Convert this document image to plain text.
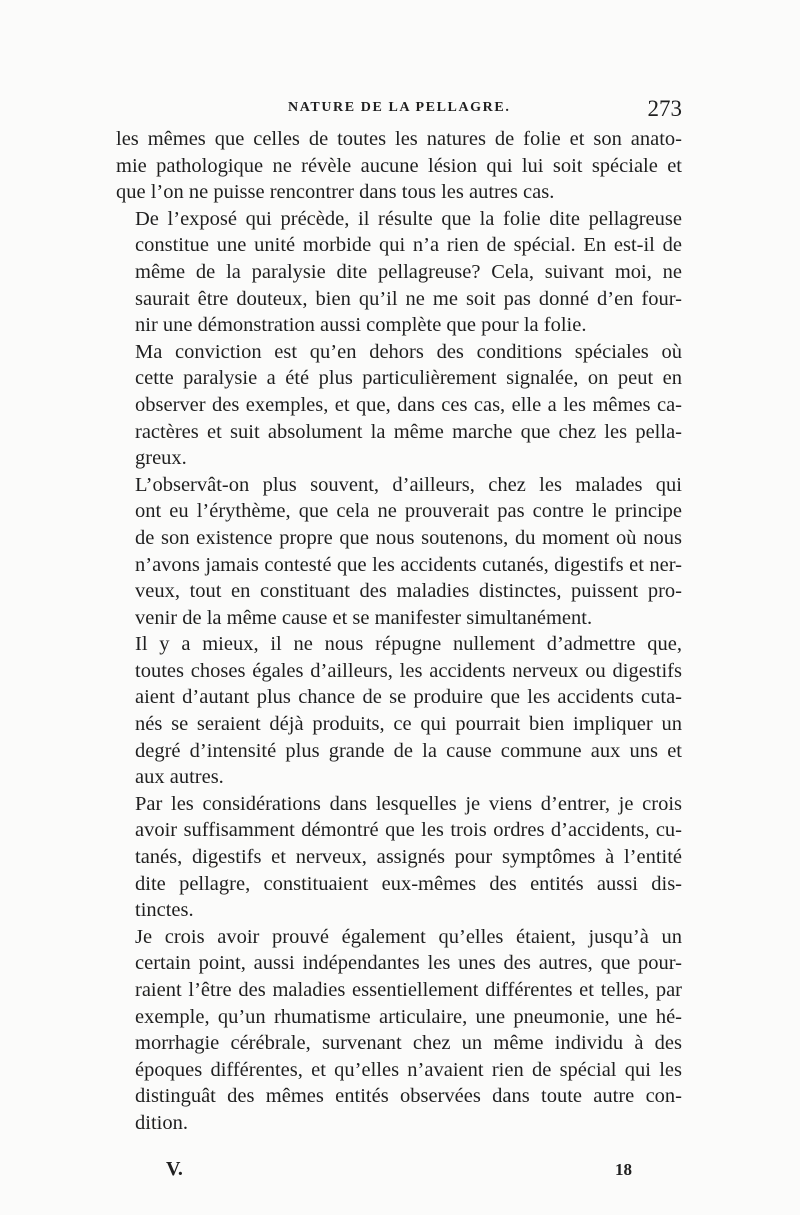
NATURE DE LA PELLAGRE.	273

les mêmes que celles de toutes les natures de folie et son anato-
mie pathologique ne révèle aucune lésion qui lui soit spéciale et
que l’on ne puisse rencontrer dans tous les autres cas.

De l’exposé qui précède, il résulte que la folie dite pellagreuse
constitue une unité morbide qui n’a rien de spécial. En est-il de
même de la paralysie dite pellagreuse? Cela, suivant moi, ne
saurait être douteux, bien qu’il ne me soit pas donné d’en four-
nir une démonstration aussi complète que pour la folie.

Ma conviction est qu’en dehors des conditions spéciales où
cette paralysie a été plus particulièrement signalée, on peut en
observer des exemples, et que, dans ces cas, elle a les mêmes ca-
ractères et suit absolument la même marche que chez les pella-
greux.

L’observât-on plus souvent, d’ailleurs, chez les malades qui
ont eu l’érythème, que cela ne prouverait pas contre le principe
de son existence propre que nous soutenons, du moment où nous
n’avons jamais contesté que les accidents cutanés, digestifs et ner-
veux, tout en constituant des maladies distinctes, puissent pro-
venir de la même cause et se manifester simultanément.

Il y a mieux, il ne nous répugne nullement d’admettre que,
toutes choses égales d’ailleurs, les accidents nerveux ou digestifs
aient d’autant plus chance de se produire que les accidents cuta-
nés se seraient déjà produits, ce qui pourrait bien impliquer un
degré d’intensité plus grande de la cause commune aux uns et
aux autres.

Par les considérations dans lesquelles je viens d’entrer, je crois
avoir suffisamment démontré que les trois ordres d’accidents, cu-
tanés, digestifs et nerveux, assignés pour symptômes à l’entité
dite pellagre, constituaient eux-mêmes des entités aussi dis-
tinctes.

Je crois avoir prouvé également qu’elles étaient, jusqu’à un
certain point, aussi indépendantes les unes des autres, que pour-
raient l’être des maladies essentiellement différentes et telles, par
exemple, qu’un rhumatisme articulaire, une pneumonie, une hé-
morrhagie cérébrale, survenant chez un même individu à des
époques différentes, et qu’elles n’avaient rien de spécial qui les
distinguât des mêmes entités observées dans toute autre con-
dition.

V.	18
